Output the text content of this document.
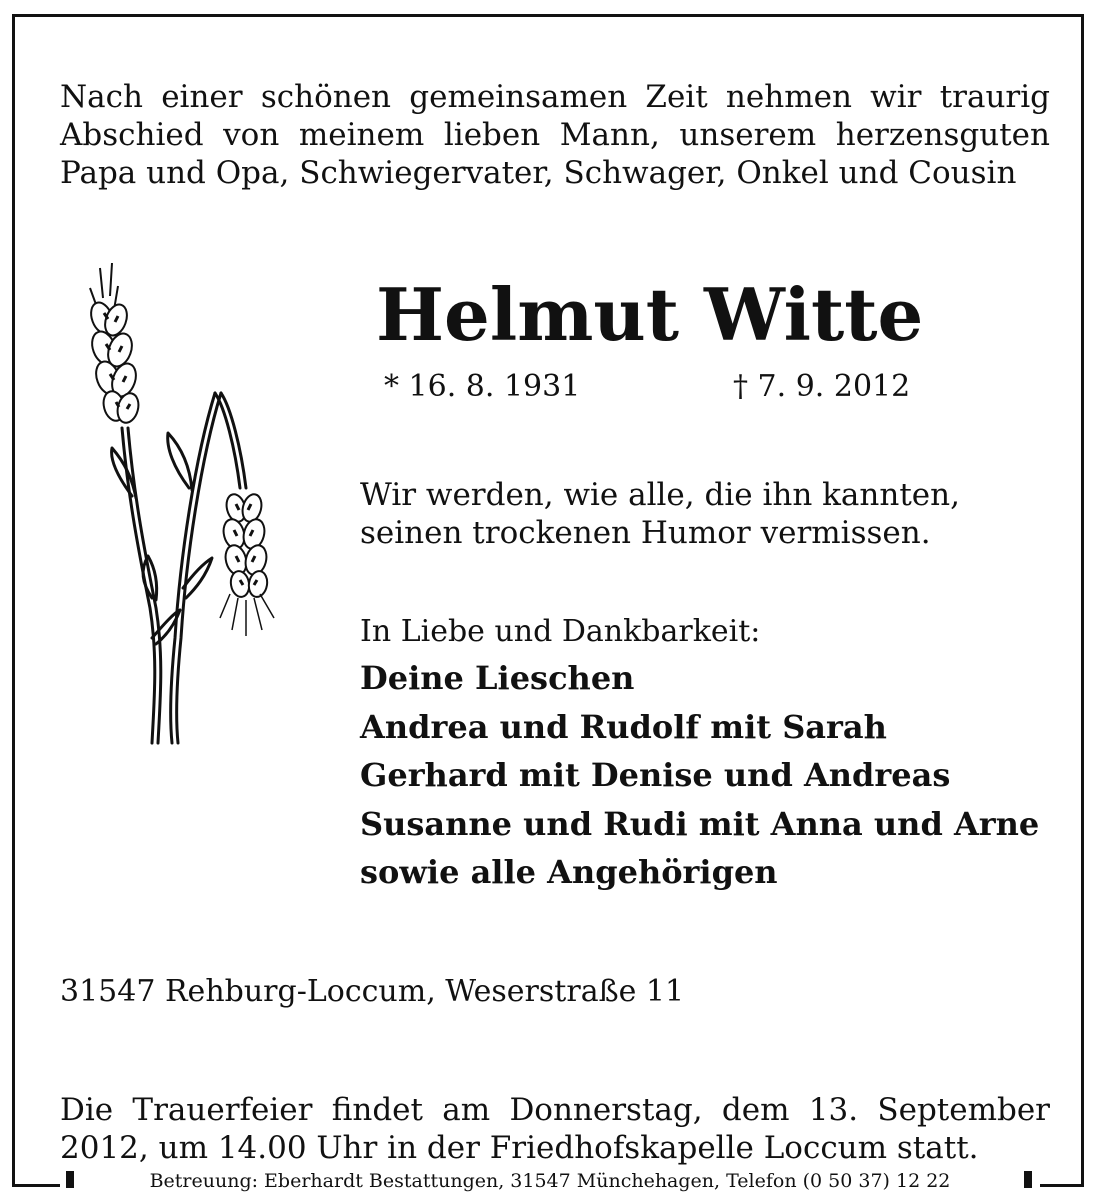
Nach einer schönen gemeinsamen Zeit nehmen wir traurig
Abschied von meinem lieben Mann, unserem herzensguten
Papa und Opa, Schwiegervater, Schwager, Onkel und Cousin

Helmut Witte
* 16. 8. 1931	† 7. 9. 2012
Wir werden, wie alle, die ihn kannten,
seinen trockenen Humor vermissen.
In Liebe und Dankbarkeit:
Deine Lieschen
Andrea und Rudolf mit Sarah
Gerhard mit Denise und Andreas
Susanne und Rudi mit Anna und Arne
sowie alle Angehörigen
31547 Rehburg-Loccum, Weserstraße 11

Die Trauerfeier findet am Donnerstag, dem 13. September
2012, um 14.00 Uhr in der Friedhofskapelle Loccum statt.

Betreuung: Eberhardt Bestattungen, 31547 Münchehagen, Telefon (0 50 37) 12 22
